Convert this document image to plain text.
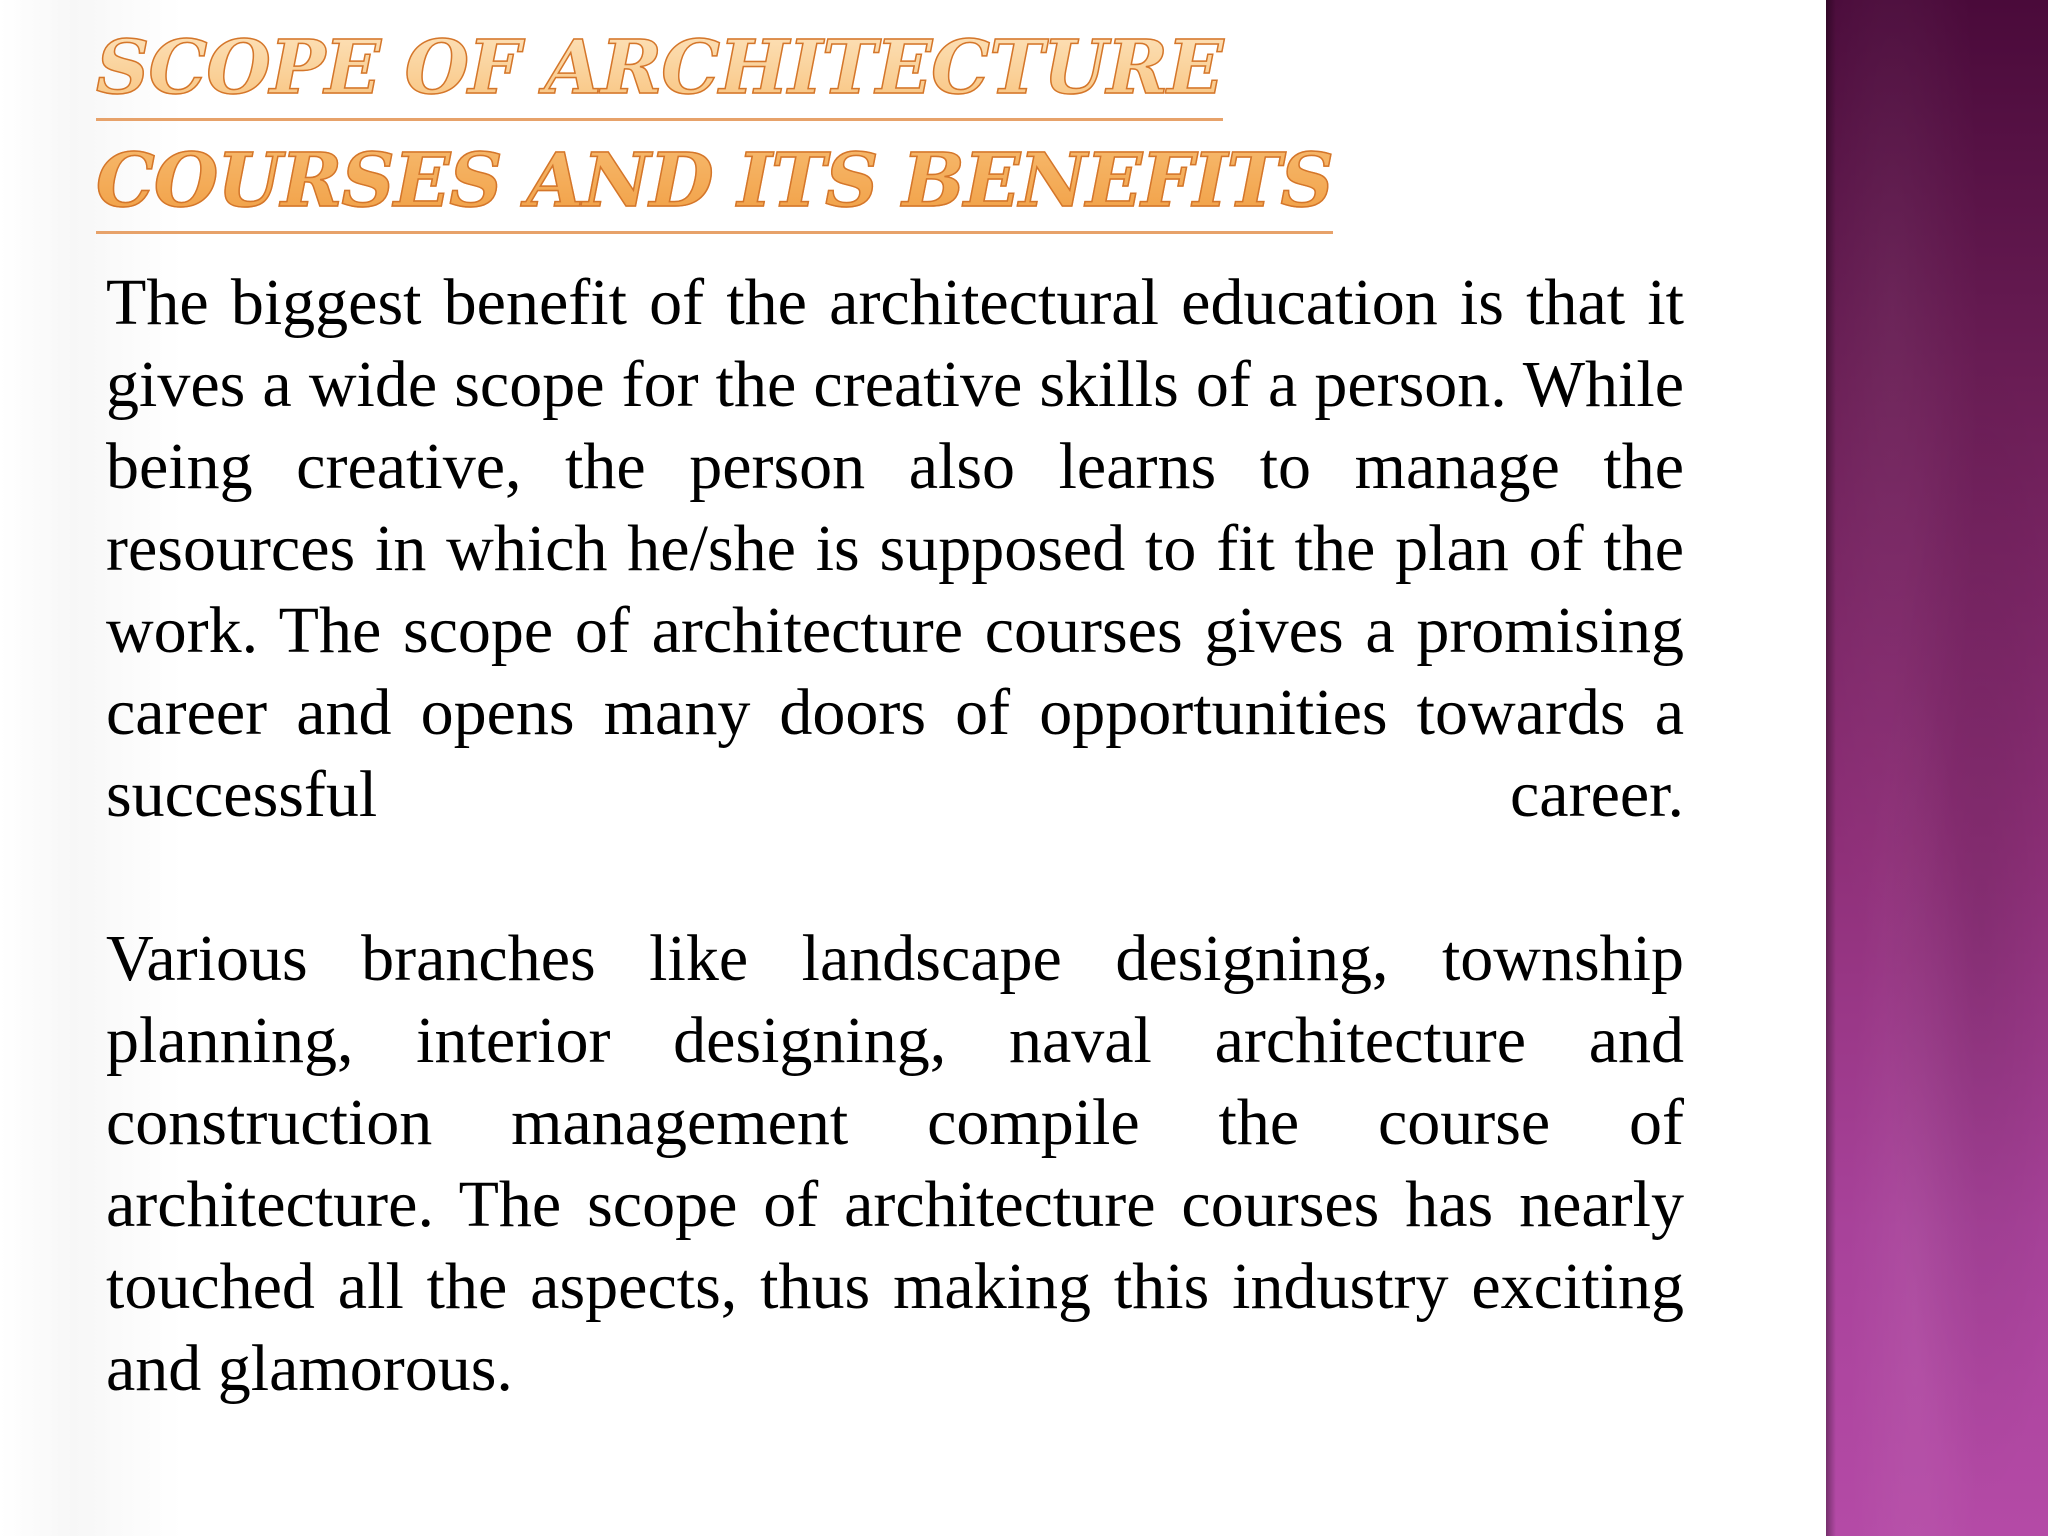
SCOPE OF ARCHITECTURE
COURSES AND ITS BENEFITS

The biggest benefit of the architectural education is that it gives a wide scope for the creative skills of a person. While being creative, the person also learns to manage the resources in which he/she is supposed to fit the plan of the work. The scope of architecture courses gives a promising career and opens many doors of opportunities towards a successful career.

Various branches like landscape designing, township planning, interior designing, naval architecture and construction management compile the course of architecture. The scope of architecture courses has nearly touched all the aspects, thus making this industry exciting and glamorous.
